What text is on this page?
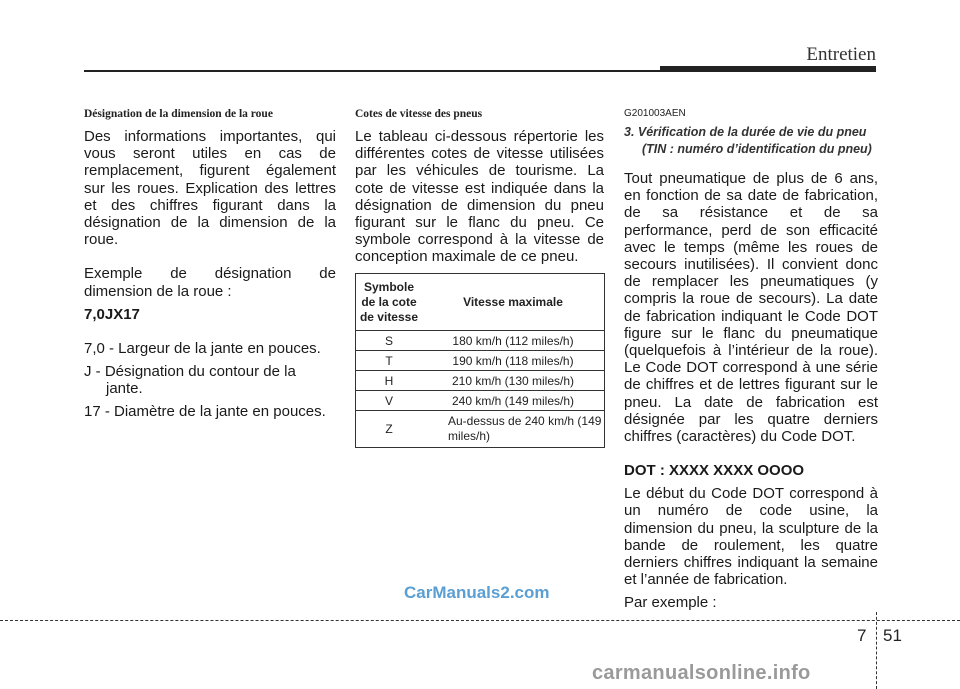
Entretien

Désignation de la dimension de la roue

Des informations importantes, qui vous seront utiles en cas de remplacement, figurent également sur les roues. Explication des lettres et des chiffres figurant dans la désignation de la dimension de la roue.

Exemple de désignation de dimension de la roue :

7,0JX17

7,0 - Largeur de la jante en pouces.

J - Désignation du contour de la jante.

17 - Diamètre de la jante en pouces.

Cotes de vitesse des pneus

Le tableau ci-dessous répertorie les différentes cotes de vitesse utilisées par les véhicules de tourisme. La cote de vitesse est indiquée dans la désignation de dimension du pneu figurant sur le flanc du pneu. Ce symbole correspond à la vitesse de conception maximale de ce pneu.

Symbole de la cote de vitesse	Vitesse maximale
S	180 km/h (112 miles/h)
T	190 km/h (118 miles/h)
H	210 km/h (130 miles/h)
V	240 km/h (149 miles/h)
Z	Au-dessus de 240 km/h (149 miles/h)

G201003AEN

3. Vérification de la durée de vie du pneu (TIN : numéro d’identification du pneu)

Tout pneumatique de plus de 6 ans, en fonction de sa date de fabrication, de sa résistance et de sa performance, perd de son efficacité avec le temps (même les roues de secours inutilisées). Il convient donc de remplacer les pneumatiques (y compris la roue de secours). La date de fabrication indiquant le Code DOT figure sur le flanc du pneumatique (quelquefois à l’intérieur de la roue). Le Code DOT correspond à une série de chiffres et de lettres figurant sur le pneu. La date de fabrication est désignée par les quatre derniers chiffres (caractères) du Code DOT.

DOT : XXXX XXXX OOOO

Le début du Code DOT correspond à un numéro de code usine, la dimension du pneu, la sculpture de la bande de roulement, les quatre derniers chiffres indiquant la semaine et l’année de fabrication.

Par exemple :

CarManuals2.com
7 51
carmanualsonline.info
